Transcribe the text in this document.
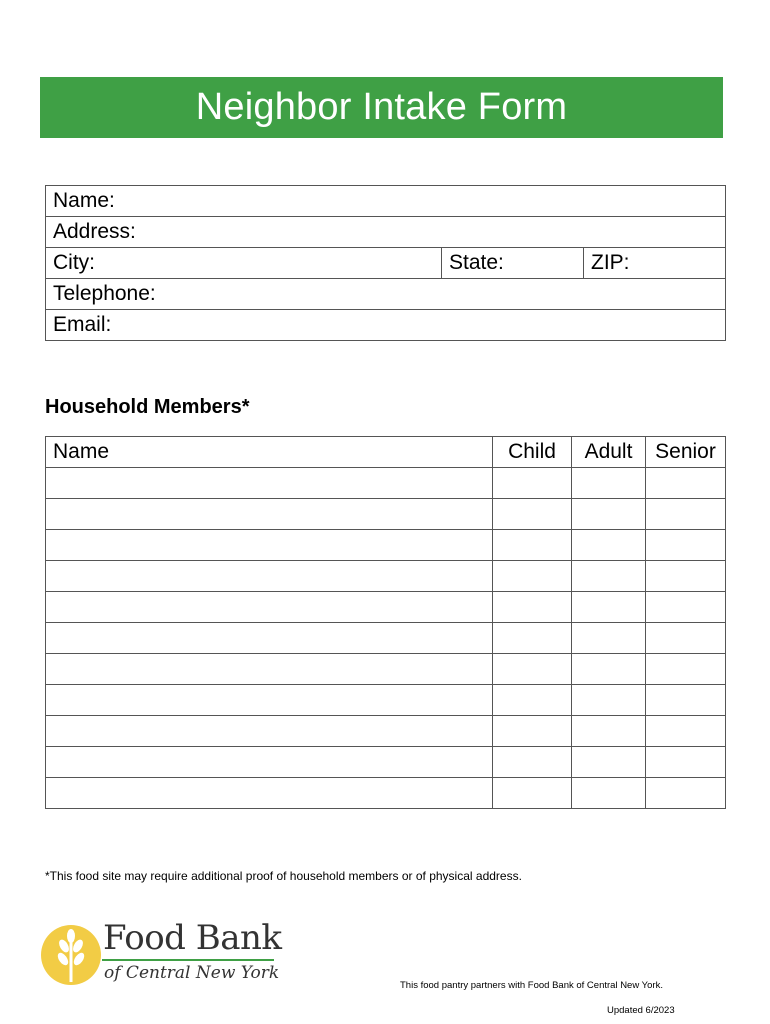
Neighbor Intake Form
Name:
Address:
City:	State:	ZIP:
Telephone:
Email:
Household Members*
Name	Child	Adult	Senior

*This food site may require additional proof of household members or of physical address.
Food Bank
of Central New York
This food pantry partners with Food Bank of Central New York.
Updated 6/2023
